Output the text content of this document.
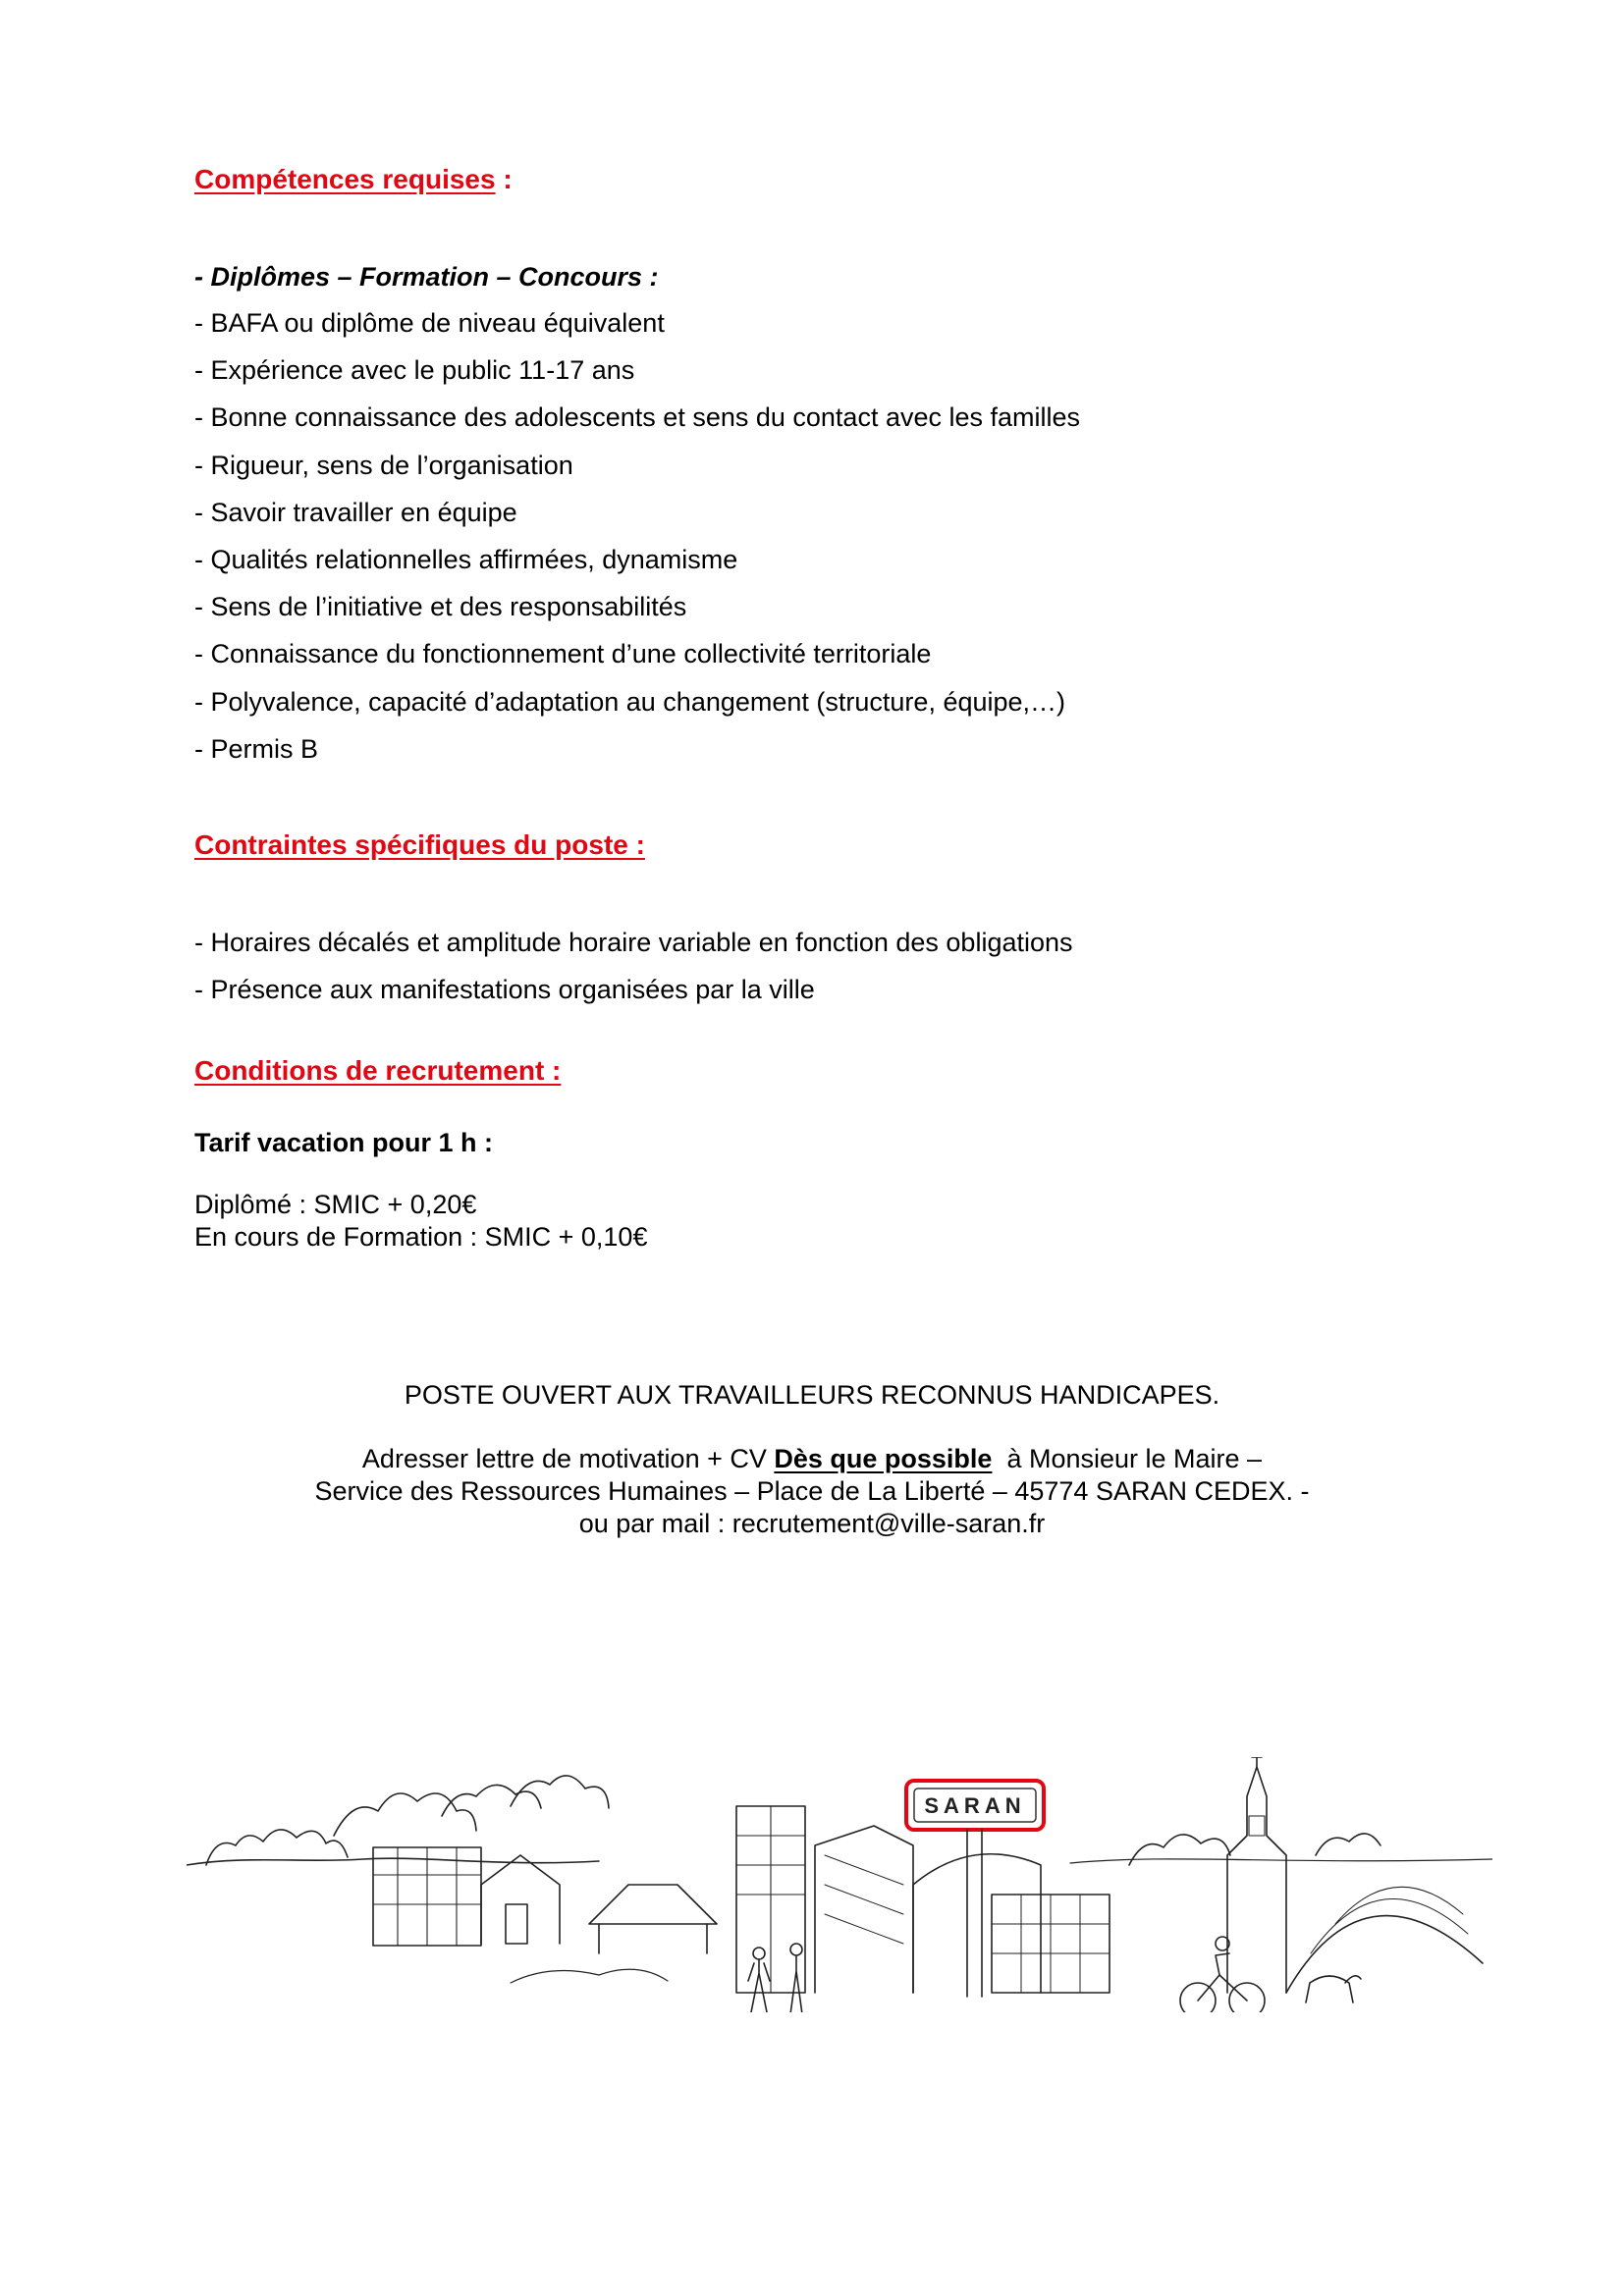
Compétences requises :
- Diplômes – Formation – Concours :
- BAFA ou diplôme de niveau équivalent
- Expérience avec le public 11-17 ans
- Bonne connaissance des adolescents et sens du contact avec les familles
- Rigueur, sens de l’organisation
- Savoir travailler en équipe
- Qualités relationnelles affirmées, dynamisme
- Sens de l’initiative et des responsabilités
- Connaissance du fonctionnement d’une collectivité territoriale
- Polyvalence, capacité d’adaptation au changement (structure, équipe,…)
- Permis B
Contraintes spécifiques du poste :
- Horaires décalés et amplitude horaire variable en fonction des obligations
- Présence aux manifestations organisées par la ville
Conditions de recrutement :
Tarif vacation pour 1 h :
Diplômé : SMIC + 0,20€
En cours de Formation : SMIC + 0,10€
POSTE OUVERT AUX TRAVAILLEURS RECONNUS HANDICAPES.
Adresser lettre de motivation + CV Dès que possible  à Monsieur le Maire –
Service des Ressources Humaines – Place de La Liberté – 45774 SARAN CEDEX. -
ou par mail : recrutement@ville-saran.fr
SARAN
